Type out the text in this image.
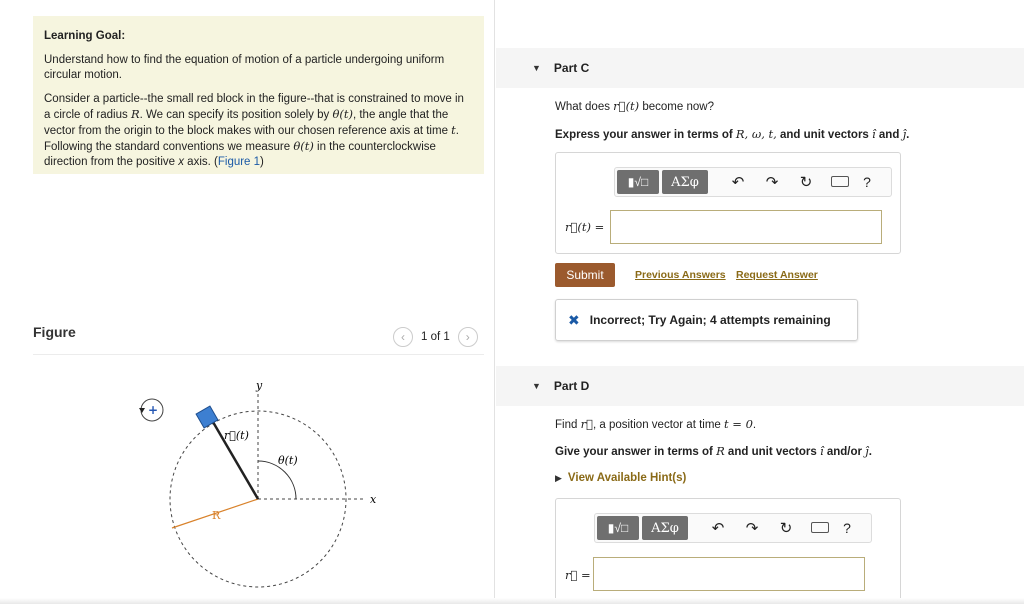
Learning Goal:

Understand how to find the equation of motion of a particle undergoing uniform
circular motion.

Consider a particle--the small red block in the figure--that is constrained to move in
a circle of radius R. We can specify its position solely by θ(t), the angle that the
vector from the origin to the block makes with our chosen reference axis at time t.
Following the standard conventions we measure θ(t) in the counterclockwise
direction from the positive x axis. (Figure 1)

Figure	‹	1 of 1	›
y
x
R
θ(t)
r⃗(t)
+
▼ Part C
What does r⃗(t) become now?
Express your answer in terms of R, ω, t, and unit vectors î and ĵ.
▮√□	ΑΣφ	↶	↷	↻	?
r⃗(t) =
Submit	Previous Answers Request Answer
✖ Incorrect; Try Again; 4 attempts remaining
▼ Part D
Find r⃗, a position vector at time t = 0.
Give your answer in terms of R and unit vectors î and/or ĵ.
▶ View Available Hint(s)
▮√□	ΑΣφ	↶	↷	↻	?
r⃗ =
